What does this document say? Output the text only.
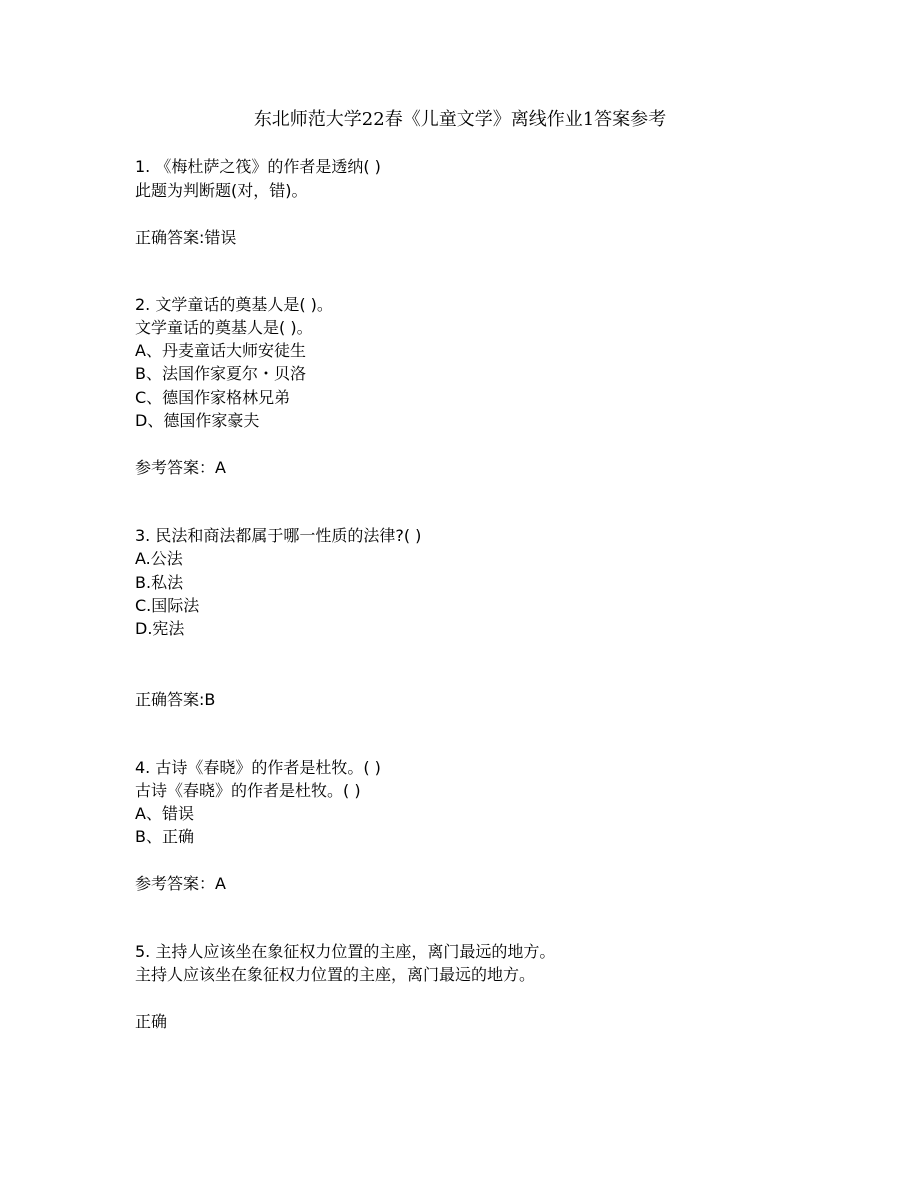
东北师范大学22春《儿童文学》离线作业1答案参考
1. 《梅杜萨之筏》的作者是透纳( )
此题为判断题(对，错)。
正确答案:错误
2. 文学童话的奠基人是( )。
文学童话的奠基人是( )。
A、丹麦童话大师安徒生
B、法国作家夏尔・贝洛
C、德国作家格林兄弟
D、德国作家豪夫
参考答案：A
3. 民法和商法都属于哪一性质的法律?( )
A.公法
B.私法
C.国际法
D.宪法
正确答案:B
4. 古诗《春晓》的作者是杜牧。( )
古诗《春晓》的作者是杜牧。( )
A、错误
B、正确
参考答案：A
5. 主持人应该坐在象征权力位置的主座，离门最远的地方。
主持人应该坐在象征权力位置的主座，离门最远的地方。
正确
